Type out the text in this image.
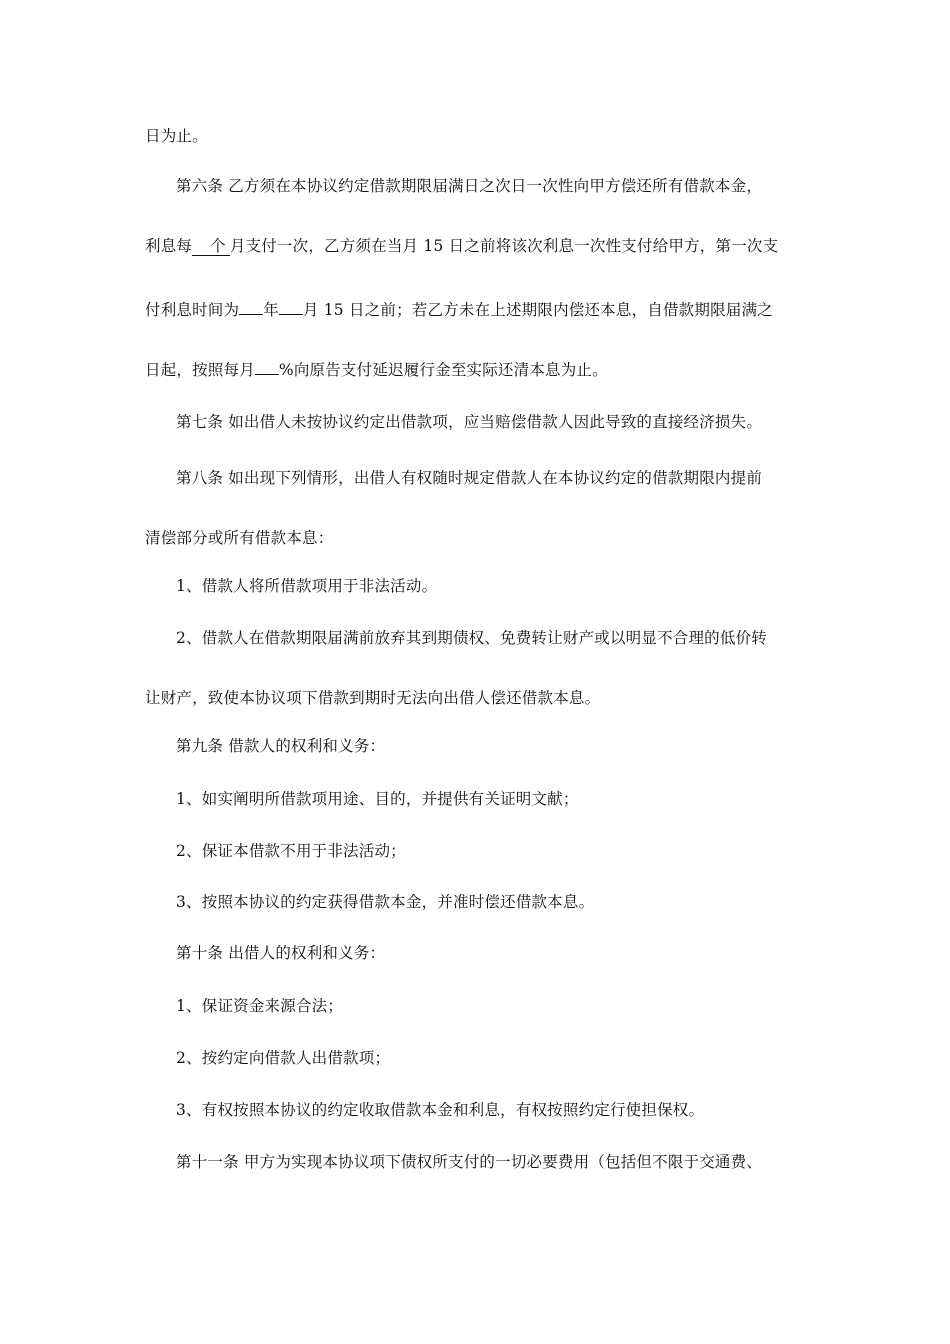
日为止。
第六条 乙方须在本协议约定借款期限届满日之次日一次性向甲方偿还所有借款本金，
利息每 个 月支付一次，乙方须在当月 15 日之前将该次利息一次性支付给甲方，第一次支
付利息时间为 年 月 15 日之前；若乙方未在上述期限内偿还本息，自借款期限届满之
日起，按照每月 %向原告支付延迟履行金至实际还清本息为止。
第七条 如出借人未按协议约定出借款项，应当赔偿借款人因此导致的直接经济损失。
第八条 如出现下列情形，出借人有权随时规定借款人在本协议约定的借款期限内提前
清偿部分或所有借款本息：
1、借款人将所借款项用于非法活动。
2、借款人在借款期限届满前放弃其到期债权、免费转让财产或以明显不合理的低价转
让财产，致使本协议项下借款到期时无法向出借人偿还借款本息。
第九条 借款人的权利和义务：
1、如实阐明所借款项用途、目的，并提供有关证明文献；
2、保证本借款不用于非法活动；
3、按照本协议的约定获得借款本金，并准时偿还借款本息。
第十条 出借人的权利和义务：
1、保证资金来源合法；
2、按约定向借款人出借款项；
3、有权按照本协议的约定收取借款本金和利息，有权按照约定行使担保权。
第十一条 甲方为实现本协议项下债权所支付的一切必要费用（包括但不限于交通费、
